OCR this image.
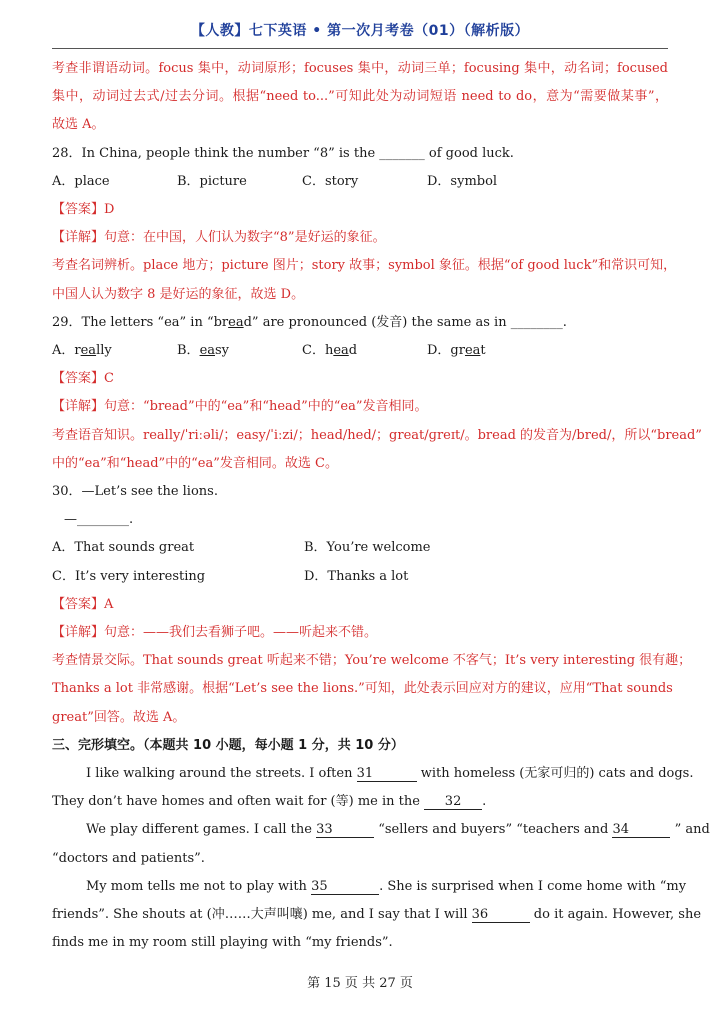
【人教】七下英语 • 第一次月考卷（01）（解析版）
考查非谓语动词。focus 集中，动词原形；focuses 集中，动词三单；focusing 集中，动名词；focused
集中，动词过去式/过去分词。根据“need to...”可知此处为动词短语 need to do，意为“需要做某事”，
故选 A。
28．In China, people think the number “8” is the _______ of good luck.
A．place	B．picture	C．story	D．symbol
【答案】D
【详解】句意：在中国，人们认为数字“8”是好运的象征。
考查名词辨析。place 地方；picture 图片；story 故事；symbol 象征。根据“of good luck”和常识可知，
中国人认为数字 8 是好运的象征，故选 D。
29．The letters “ea” in “bread” are pronounced (发音) the same as in ________.
A．really	B．easy	C．head	D．great
【答案】C
【详解】句意：“bread”中的“ea”和“head”中的“ea”发音相同。
考查语音知识。really/ˈriːəli/；easy/ˈiːzi/；head/hed/；great/ɡreɪt/。bread 的发音为/bred/，所以“bread”
中的“ea”和“head”中的“ea”发音相同。故选 C。
30．—Let’s see the lions.
—________.
A．That sounds great	B．You’re welcome
C．It’s very interesting	D．Thanks a lot
【答案】A
【详解】句意：——我们去看狮子吧。——听起来不错。
考查情景交际。That sounds great 听起来不错；You’re welcome 不客气；It’s very interesting 很有趣；
Thanks a lot 非常感谢。根据“Let’s see the lions.”可知，此处表示回应对方的建议，应用“That sounds
great”回答。故选 A。
三、完形填空。（本题共 10 小题，每小题 1 分，共 10 分）
I like walking around the streets. I often 31	with homeless (无家可归的) cats and dogs.
They don’t have homes and often wait for (等) me in the 32 .
We play different games. I call the 33	“sellers and buyers” “teachers and 34	” and
“doctors and patients”.
My mom tells me not to play with 35	. She is surprised when I come home with “my
friends”. She shouts at (冲……大声叫嚷) me, and I say that I will 36	do it again. However, she
finds me in my room still playing with “my friends”.
第 15 页 共 27 页
